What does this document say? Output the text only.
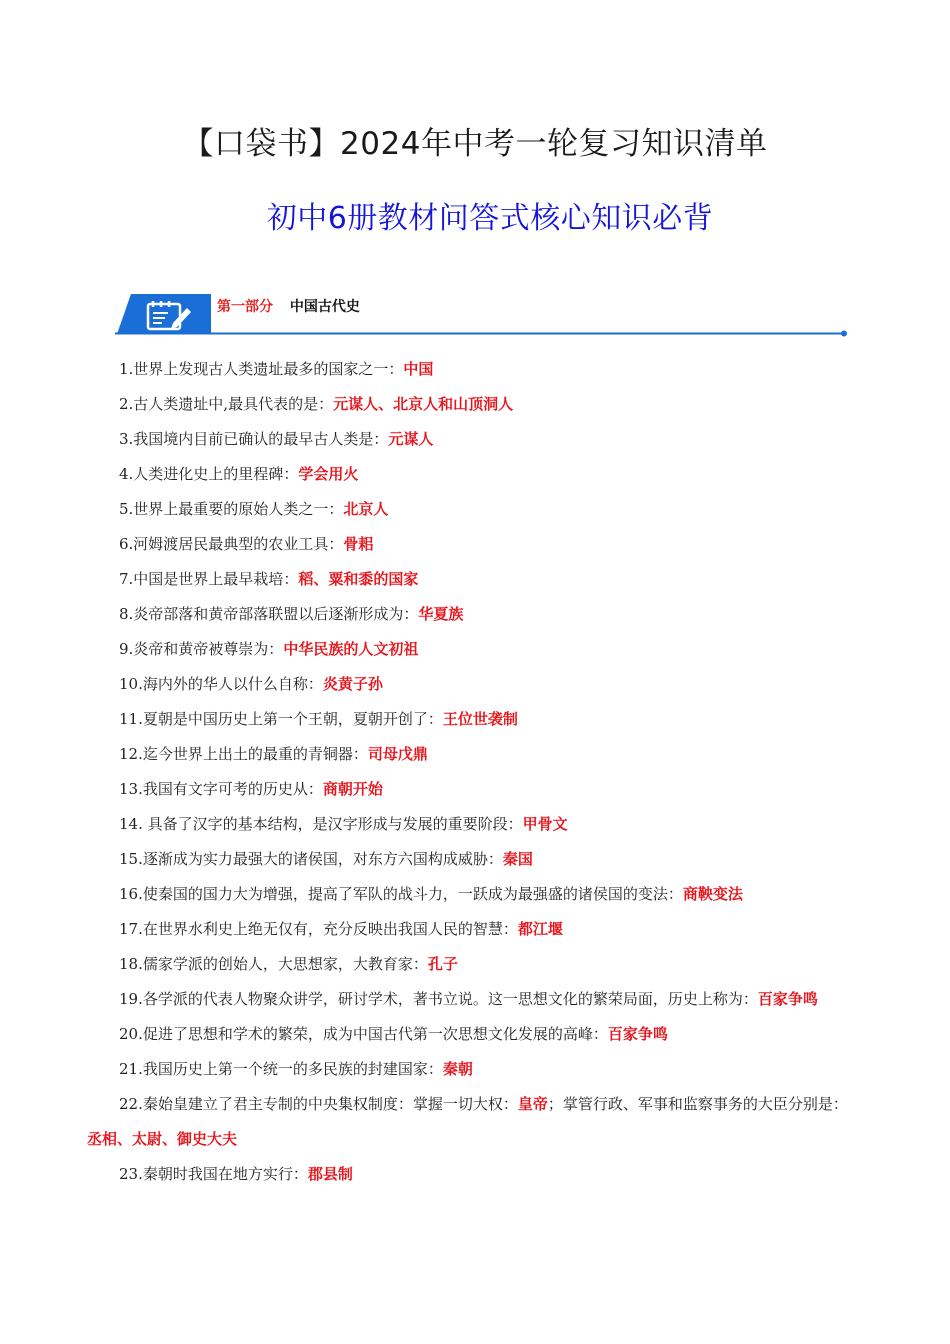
【口袋书】2024年中考一轮复习知识清单
初中6册教材问答式核心知识必背
第一部分 中国古代史

1.世界上发现古人类遗址最多的国家之一：中国

2.古人类遗址中,最具代表的是：元谋人、北京人和山顶洞人

3.我国境内目前已确认的最早古人类是：元谋人

4.人类进化史上的里程碑：学会用火

5.世界上最重要的原始人类之一：北京人

6.河姆渡居民最典型的农业工具：骨耜

7.中国是世界上最早栽培：稻、粟和黍的国家

8.炎帝部落和黄帝部落联盟以后逐渐形成为：华夏族

9.炎帝和黄帝被尊崇为：中华民族的人文初祖

10.海内外的华人以什么自称：炎黄子孙

11.夏朝是中国历史上第一个王朝，夏朝开创了：王位世袭制

12.迄今世界上出土的最重的青铜器：司母戊鼎

13.我国有文字可考的历史从：商朝开始

14. 具备了汉字的基本结构，是汉字形成与发展的重要阶段：甲骨文

15.逐渐成为实力最强大的诸侯国，对东方六国构成威胁：秦国

16.使秦国的国力大为增强，提高了军队的战斗力，一跃成为最强盛的诸侯国的变法：商鞅变法

17.在世界水利史上绝无仅有，充分反映出我国人民的智慧：都江堰

18.儒家学派的创始人，大思想家，大教育家：孔子

19.各学派的代表人物聚众讲学，研讨学术，著书立说。这一思想文化的繁荣局面，历史上称为：百家争鸣

20.促进了思想和学术的繁荣，成为中国古代第一次思想文化发展的高峰：百家争鸣

21.我国历史上第一个统一的多民族的封建国家：秦朝

22.秦始皇建立了君主专制的中央集权制度：掌握一切大权：皇帝；掌管行政、军事和监察事务的大臣分别是：丞相、太尉、御史大夫

23.秦朝时我国在地方实行：郡县制
